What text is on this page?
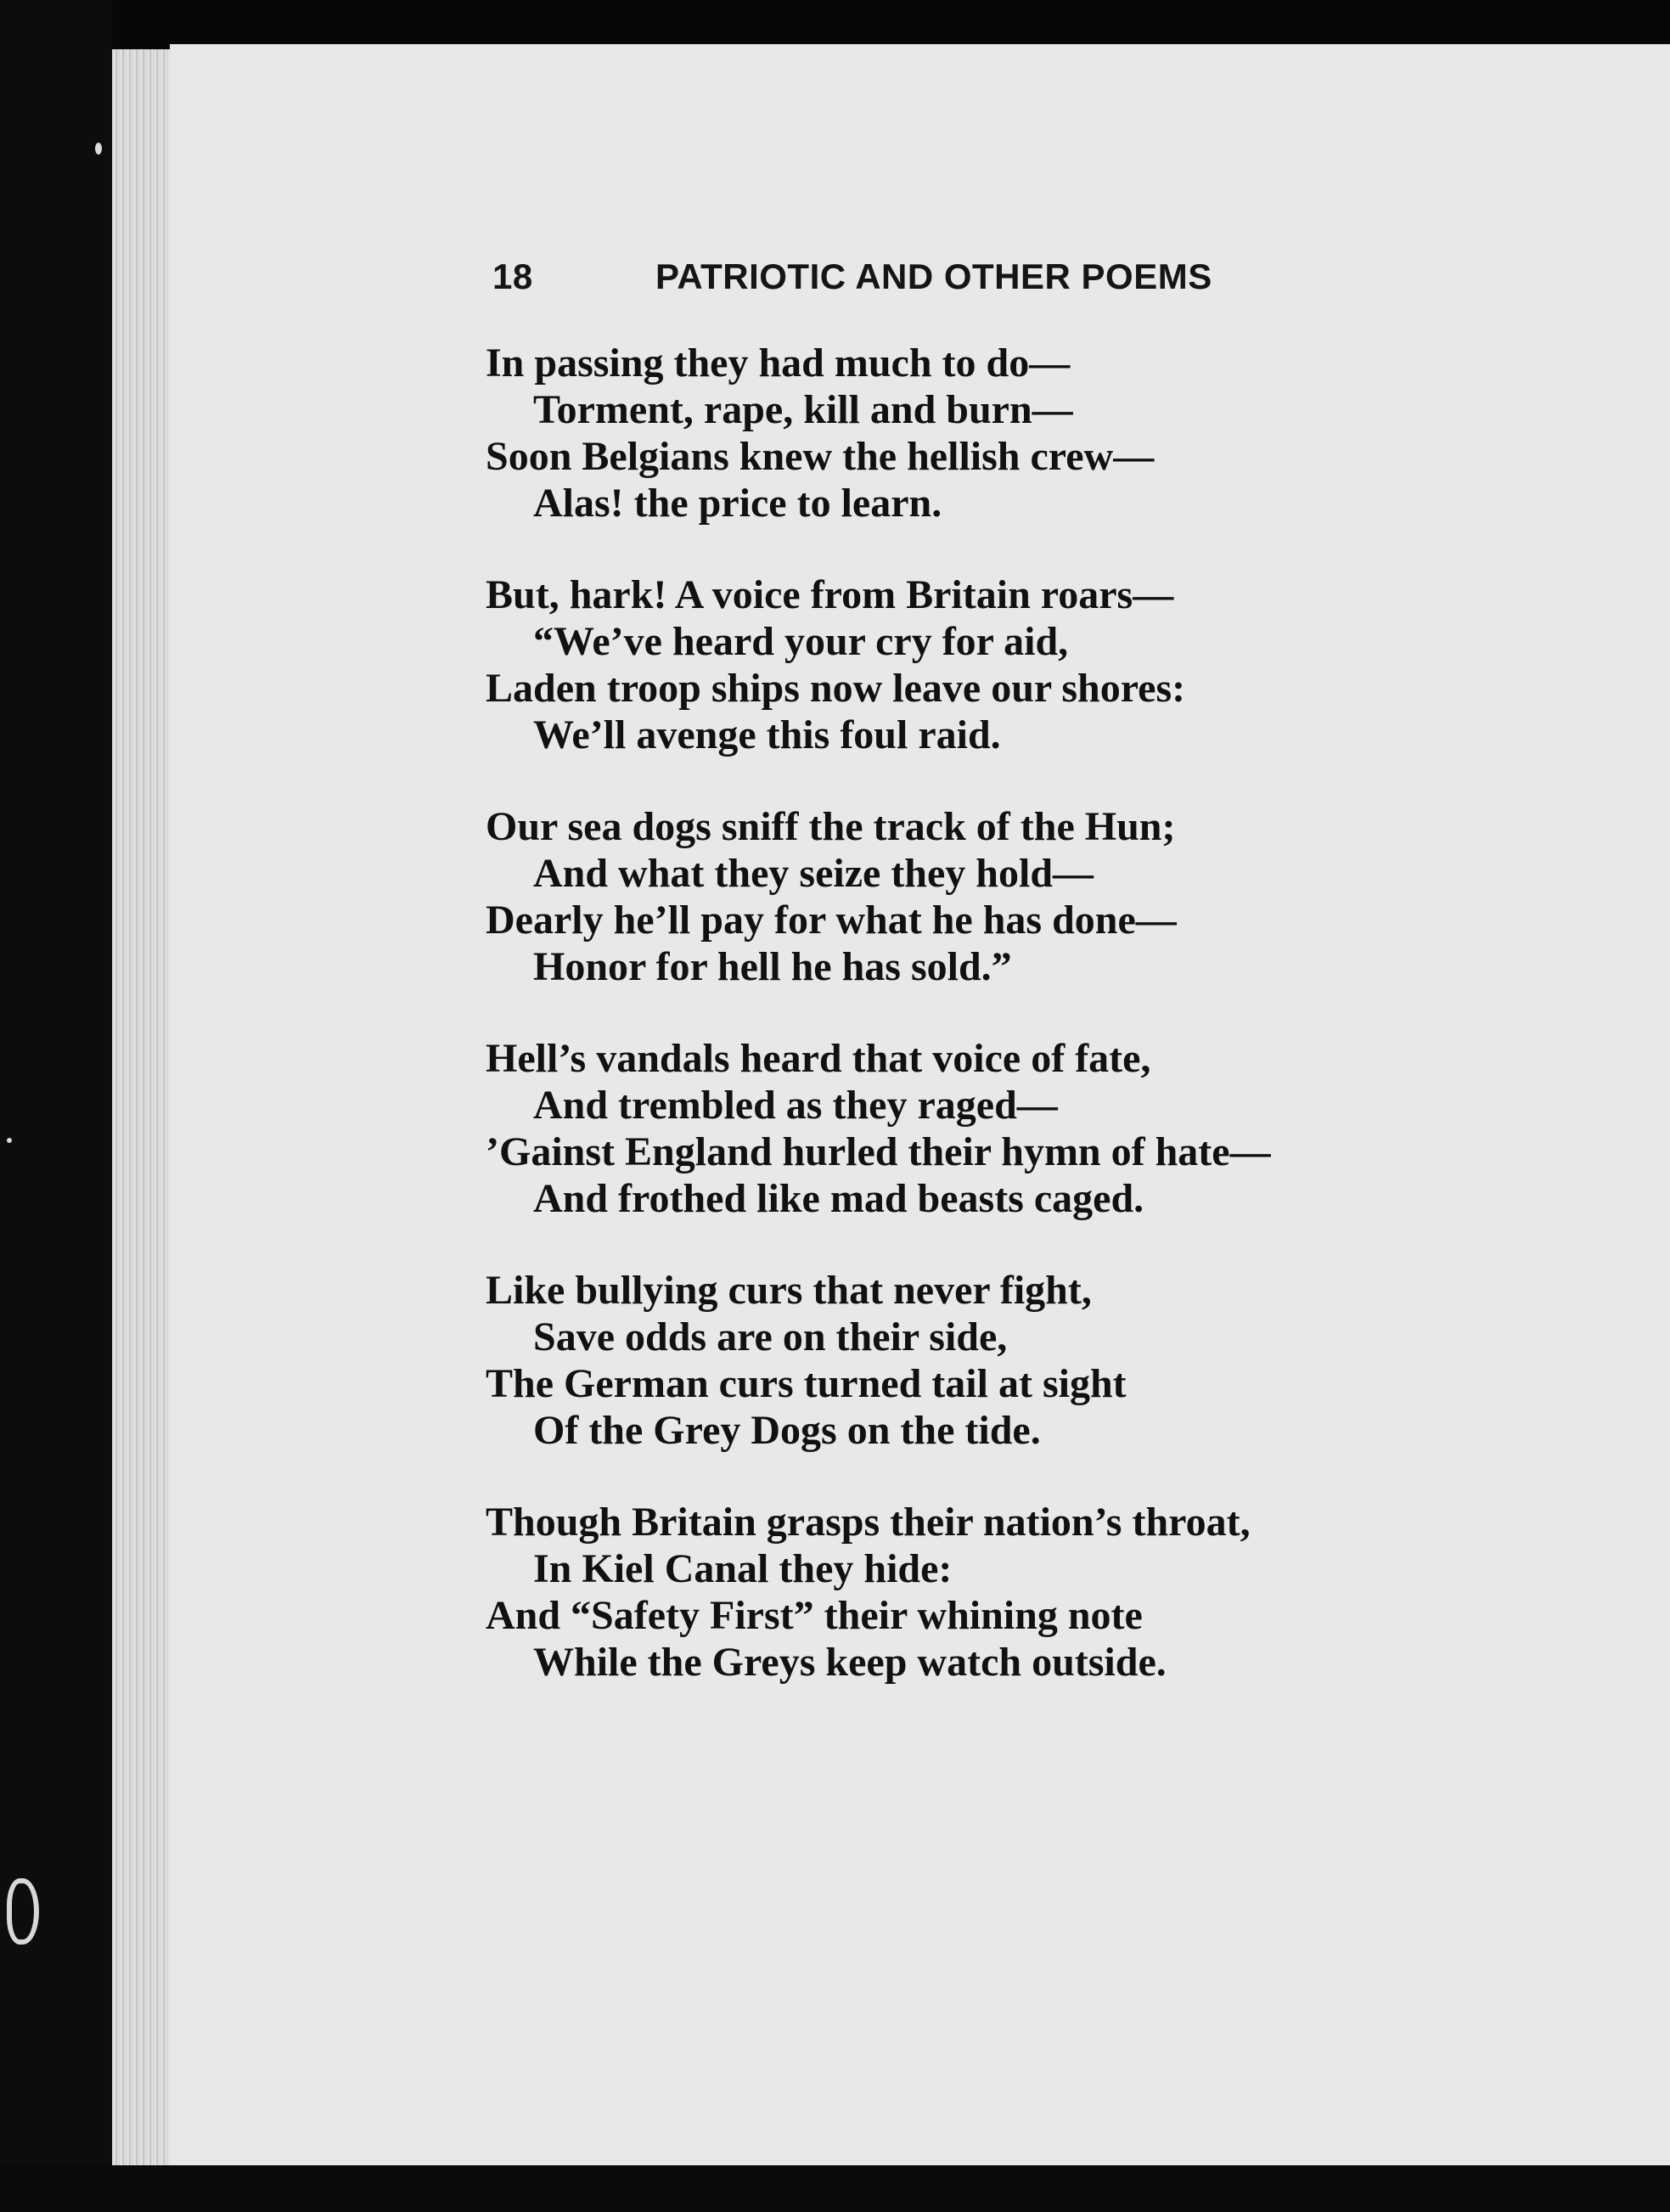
18	PATRIOTIC AND OTHER POEMS
In passing they had much to do—
Torment, rape, kill and burn—
Soon Belgians knew the hellish crew—
Alas! the price to learn.
But, hark! A voice from Britain roars—
“We’ve heard your cry for aid,
Laden troop ships now leave our shores:
We’ll avenge this foul raid.
Our sea dogs sniff the track of the Hun;
And what they seize they hold—
Dearly he’ll pay for what he has done—
Honor for hell he has sold.”
Hell’s vandals heard that voice of fate,
And trembled as they raged—
’Gainst England hurled their hymn of hate—
And frothed like mad beasts caged.
Like bullying curs that never fight,
Save odds are on their side,
The German curs turned tail at sight
Of the Grey Dogs on the tide.
Though Britain grasps their nation’s throat,
In Kiel Canal they hide:
And “Safety First” their whining note
While the Greys keep watch outside.
